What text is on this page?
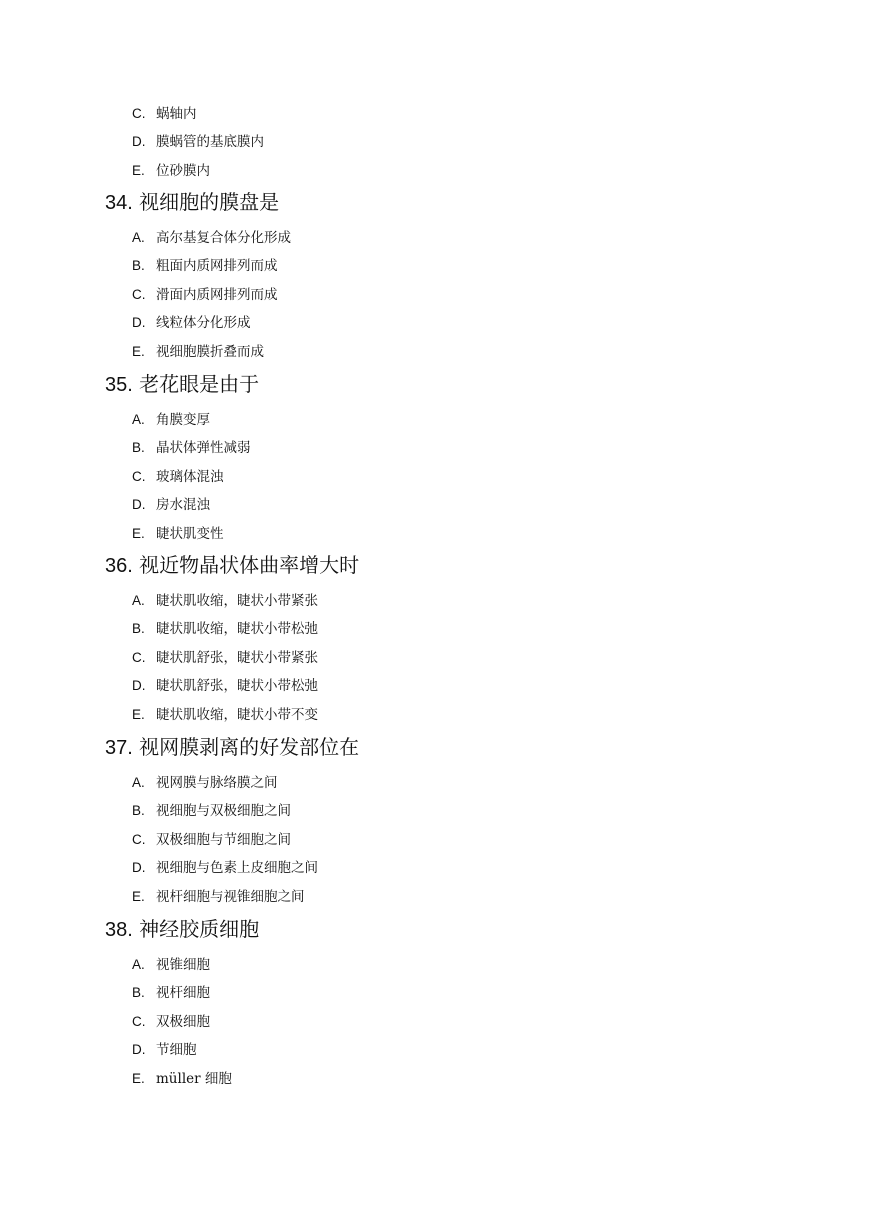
C. 蜗轴内
D. 膜蜗管的基底膜内
E. 位砂膜内
34. 视细胞的膜盘是
A. 高尔基复合体分化形成
B. 粗面内质网排列而成
C. 滑面内质网排列而成
D. 线粒体分化形成
E. 视细胞膜折叠而成
35. 老花眼是由于
A. 角膜变厚
B. 晶状体弹性减弱
C. 玻璃体混浊
D. 房水混浊
E. 睫状肌变性
36. 视近物晶状体曲率增大时
A. 睫状肌收缩，睫状小带紧张
B. 睫状肌收缩，睫状小带松弛
C. 睫状肌舒张，睫状小带紧张
D. 睫状肌舒张，睫状小带松弛
E. 睫状肌收缩，睫状小带不变
37. 视网膜剥离的好发部位在
A. 视网膜与脉络膜之间
B. 视细胞与双极细胞之间
C. 双极细胞与节细胞之间
D. 视细胞与色素上皮细胞之间
E. 视杆细胞与视锥细胞之间
38. 神经胶质细胞
A. 视锥细胞
B. 视杆细胞
C. 双极细胞
D. 节细胞
E. müller 细胞
